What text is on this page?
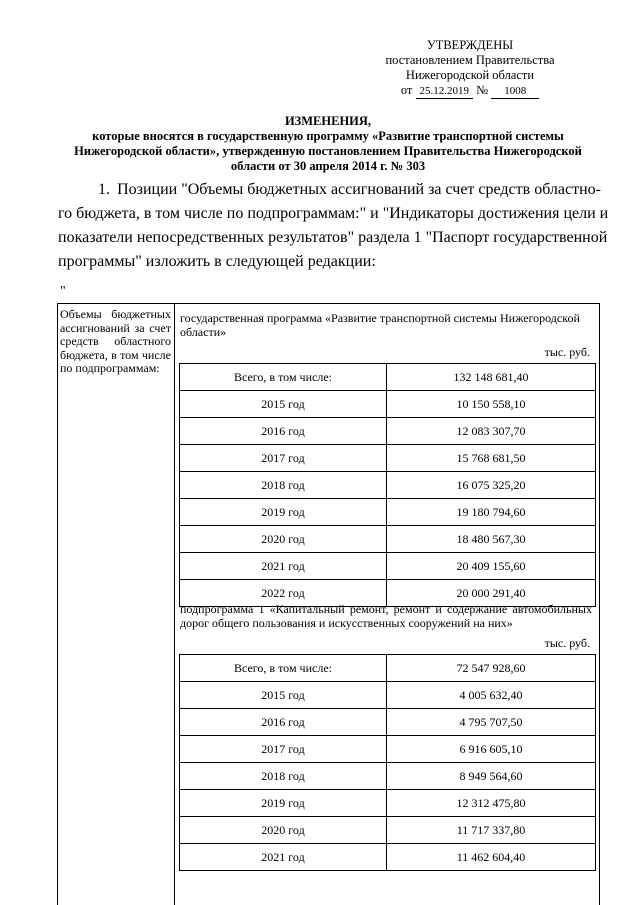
УТВЕРЖДЕНЫ
постановлением Правительства
Нижегородской области
от 25.12.2019 № 1008
ИЗМЕНЕНИЯ,
которые вносятся в государственную программу «Развитие транспортной системы
Нижегородской области», утвержденную постановлением Правительства Нижегородской
области от 30 апреля 2014 г. № 303
1. Позиции "Объемы бюджетных ассигнований за счет средств областно-
го бюджета, в том числе по подпрограммам:" и "Индикаторы достижения цели и
показатели непосредственных результатов" раздела 1 "Паспорт государственной
программы" изложить в следующей редакции:
"
Объемы бюджетных ассигнований за счет средств областного бюджета, в том числе по подпрограммам:
государственная программа «Развитие транспортной системы Нижегородской области»
тыс. руб.
Всего, в том числе:	132 148 681,40
2015 год	10 150 558,10
2016 год	12 083 307,70
2017 год	15 768 681,50
2018 год	16 075 325,20
2019 год	19 180 794,60
2020 год	18 480 567,30
2021 год	20 409 155,60
2022 год	20 000 291,40
подпрограмма 1 «Капитальный ремонт, ремонт и содержание автомобильных дорог общего пользования и искусственных сооружений на них»
тыс. руб.
Всего, в том числе:	72 547 928,60
2015 год	4 005 632,40
2016 год	4 795 707,50
2017 год	6 916 605,10
2018 год	8 949 564,60
2019 год	12 312 475,80
2020 год	11 717 337,80
2021 год	11 462 604,40
